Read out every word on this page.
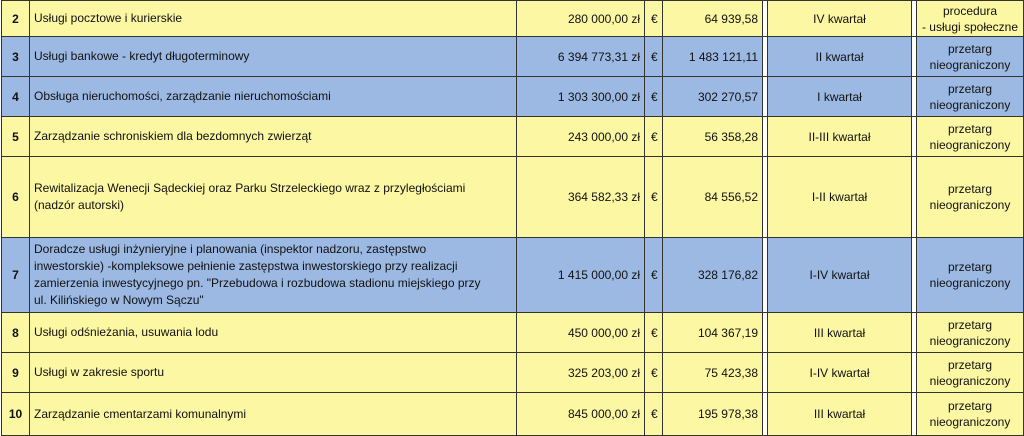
2	Usługi pocztowe i kurierskie	280 000,00 zł	€	64 939,58		IV kwartał		procedura
- usługi społeczne
3	Usługi bankowe - kredyt długoterminowy	6 394 773,31 zł	€	1 483 121,11		II kwartał		przetarg
nieograniczony
4	Obsługa nieruchomości, zarządzanie nieruchomościami	1 303 300,00 zł	€	302 270,57		I kwartał		przetarg
nieograniczony
5	Zarządzanie schroniskiem dla bezdomnych zwierząt	243 000,00 zł	€	56 358,28		II-III kwartał		przetarg
nieograniczony
6	Rewitalizacja Wenecji Sądeckiej oraz Parku Strzeleckiego wraz z przyległościami
(nadzór autorski)	364 582,33 zł	€	84 556,52		I-II kwartał		przetarg
nieograniczony
7	Doradcze usługi inżynieryjne i planowania (inspektor nadzoru, zastępstwo
inwestorskie) -kompleksowe pełnienie zastępstwa inwestorskiego przy realizacji
zamierzenia inwestycyjnego pn. "Przebudowa i rozbudowa stadionu miejskiego przy
ul. Kilińskiego w Nowym Sączu"	1 415 000,00 zł	€	328 176,82		I-IV kwartał		przetarg
nieograniczony
8	Usługi odśnieżania, usuwania lodu	450 000,00 zł	€	104 367,19		III kwartał		przetarg
nieograniczony
9	Usługi w zakresie sportu	325 203,00 zł	€	75 423,38		I-IV kwartał		przetarg
nieograniczony
10	Zarządzanie cmentarzami komunalnymi	845 000,00 zł	€	195 978,38		III kwartał		przetarg
nieograniczony
